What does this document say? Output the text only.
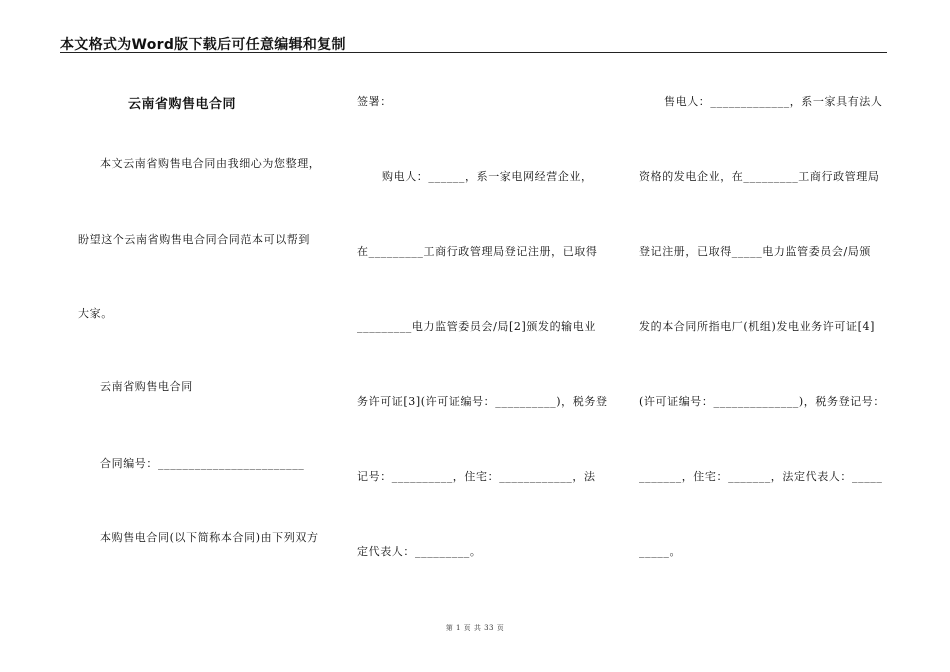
本文格式为Word版下载后可任意编辑和复制
云南省购售电合同
本文云南省购售电合同由我细心为您整理，
盼望这个云南省购售电合同合同范本可以帮到
大家。
云南省购售电合同
合同编号：________________________
本购售电合同(以下简称本合同)由下列双方
签署：
购电人：______，系一家电网经营企业，
在_________工商行政管理局登记注册，已取得
_________电力监管委员会/局[2]颁发的输电业
务许可证[3](许可证编号：__________)，税务登
记号：__________，住宅：____________，法
定代表人：_________。
售电人：_____________，系一家具有法人
资格的发电企业，在_________工商行政管理局
登记注册，已取得_____电力监管委员会/局颁
发的本合同所指电厂(机组)发电业务许可证[4]
(许可证编号：______________)，税务登记号：
_______，住宅：_______，法定代表人：_____
_____。
第 1 页 共 33 页
